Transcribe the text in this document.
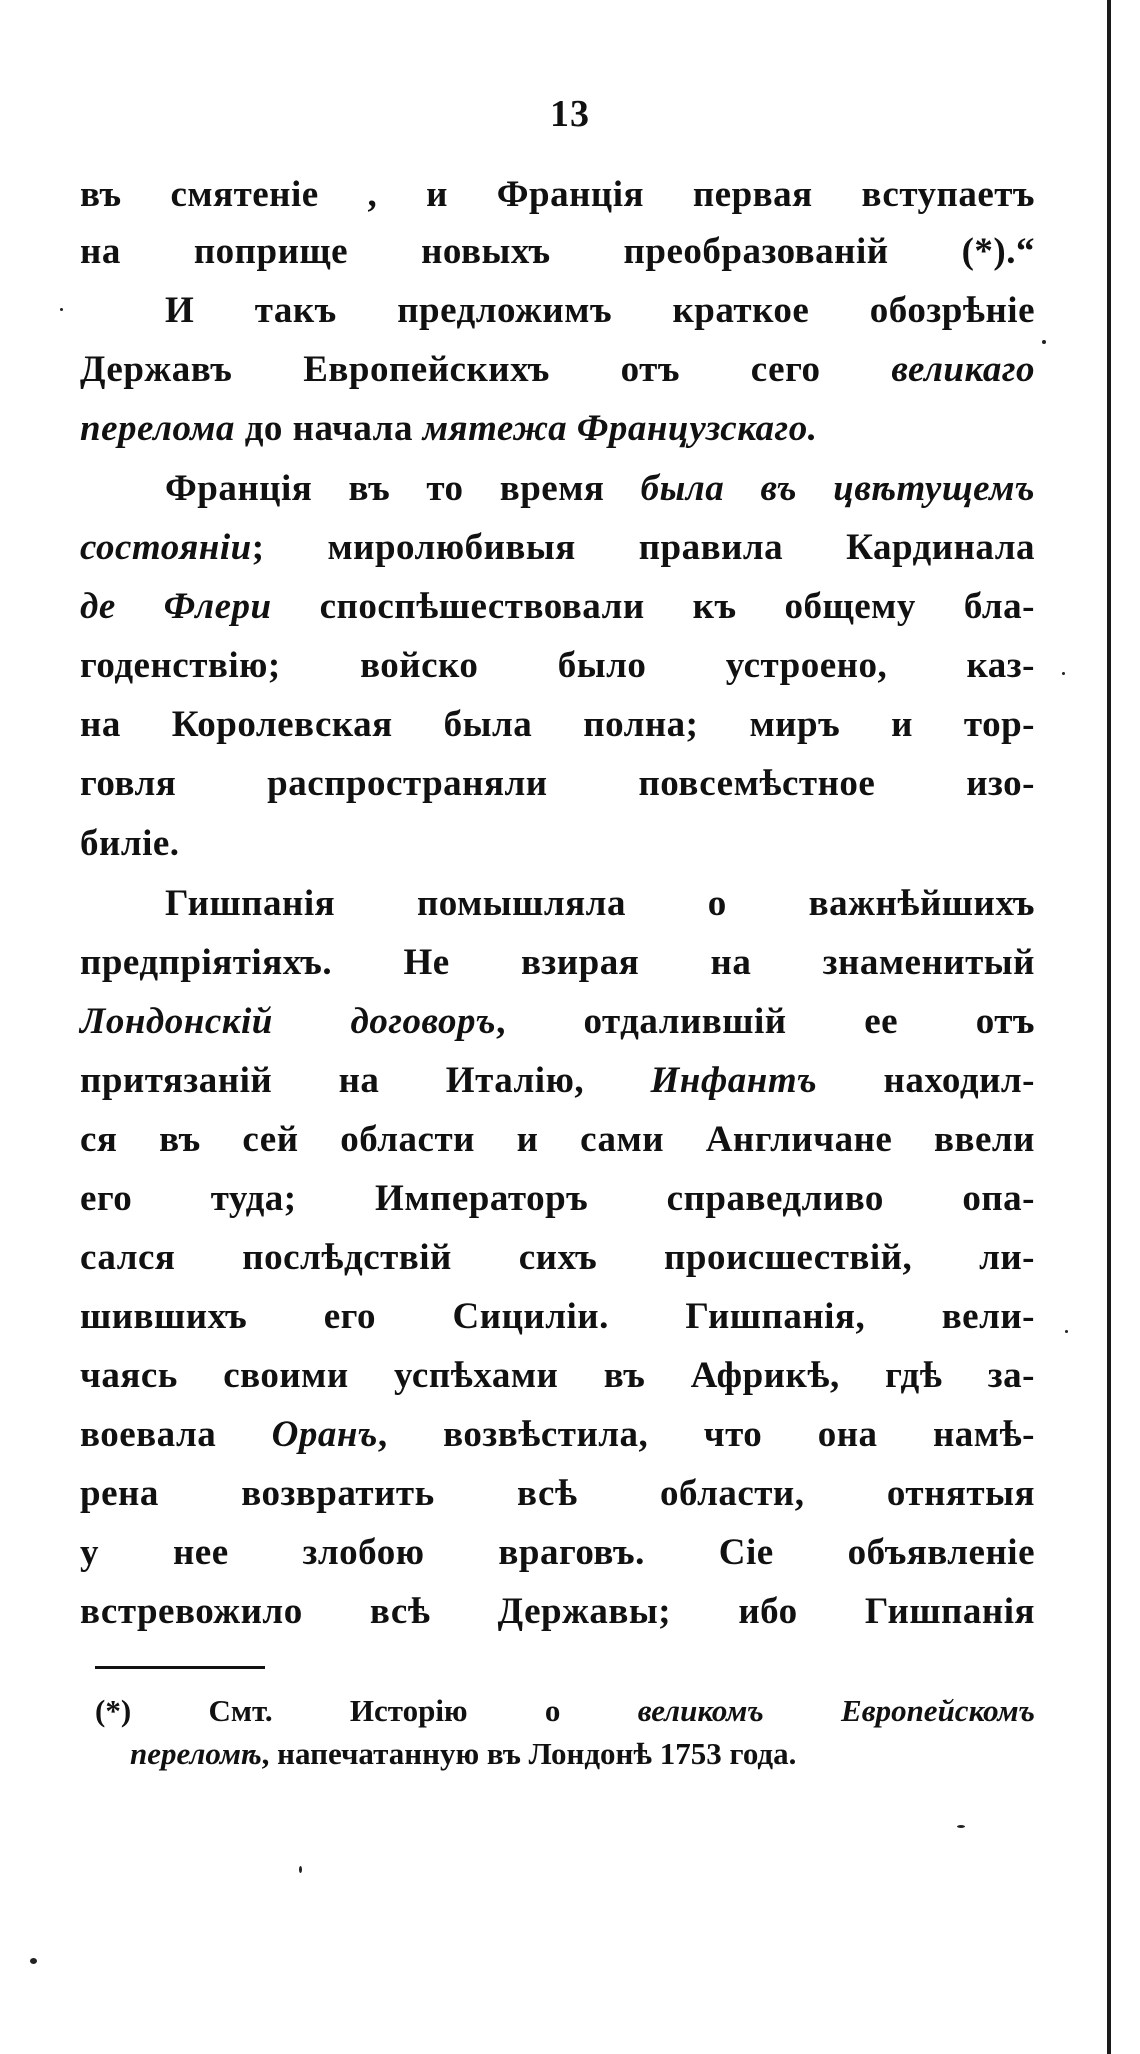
13
въ смятеніе , и Франція первая вступаетъ
на поприще новыхъ преобразованій (*).“
И такъ предложимъ краткое обозрѣніе
Державъ Европейскихъ отъ сего великаго
перелома до начала мятежа Французскаго.
Франція въ то время была въ цвѣтущемъ
состояніи; миролюбивыя правила Кардинала
де Флери споспѣшествовали къ общему бла-
годенствію; войско было устроено, каз-
на Королевская была полна; миръ и тор-
говля распространяли повсемѣстное изо-
биліе.
Гишпанія помышляла о важнѣйшихъ
предпріятіяхъ. Не взирая на знаменитый
Лондонскій договоръ, отдалившій ее отъ
притязаній на Италію, Инфантъ находил-
ся въ сей области и сами Англичане ввели
его туда; Императоръ справедливо опа-
сался послѣдствій сихъ происшествій, ли-
шившихъ его Сициліи. Гишпанія, вели-
чаясь своими успѣхами въ Африкѣ, гдѣ за-
воевала Оранъ, возвѣстила, что она намѣ-
рена возвратить всѣ области, отнятыя
у нее злобою враговъ. Сіе объявленіе
встревожило всѣ Державы; ибо Гишпанія
(*) Смт. Исторію о великомъ Европейскомъ
переломѣ, напечатанную въ Лондонѣ 1753 года.
